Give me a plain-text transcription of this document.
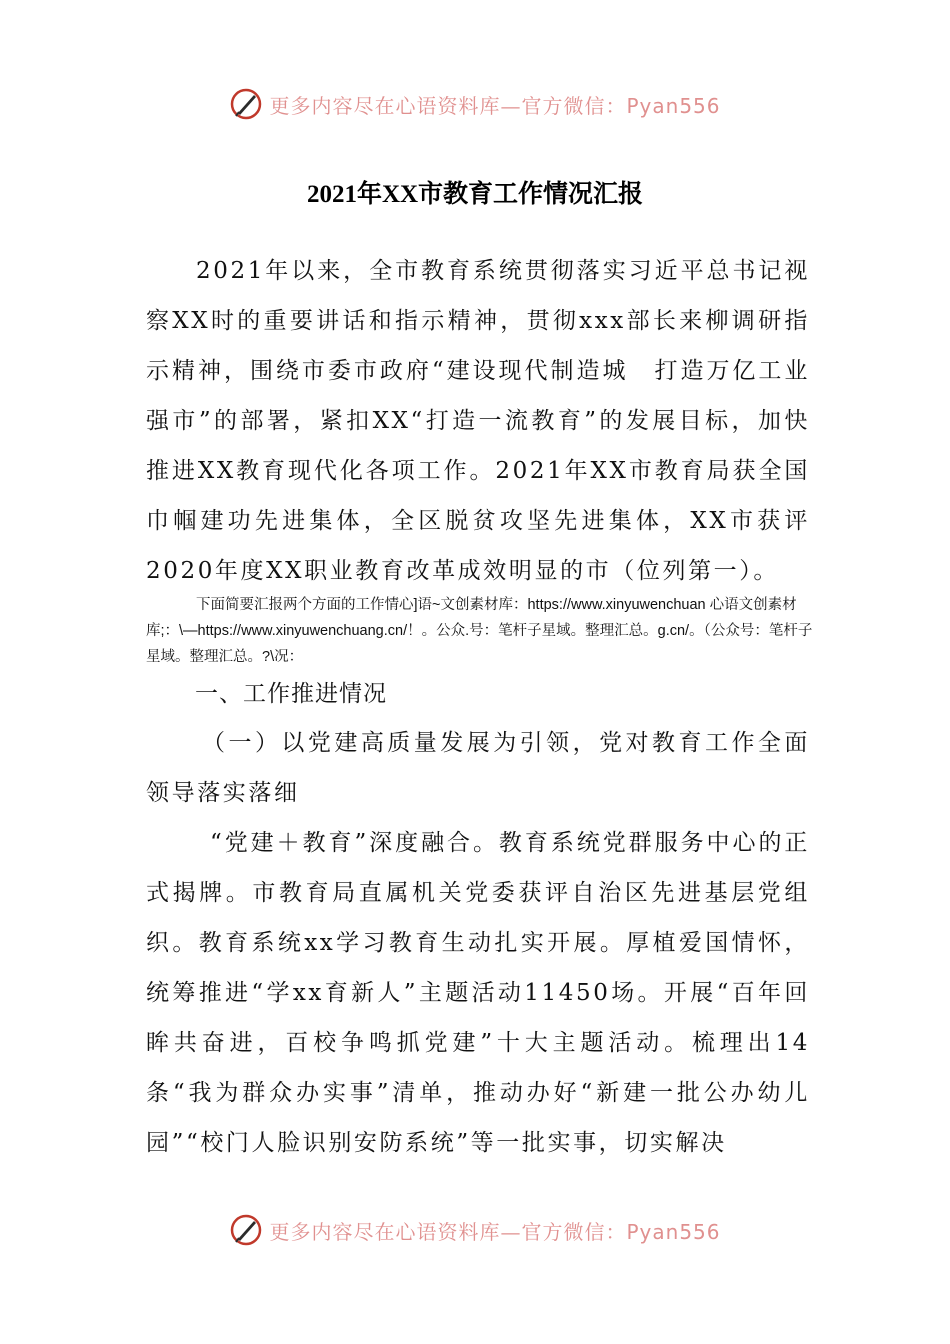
更多内容尽在心语资料库—官方微信：Pyan556
2021年XX市教育工作情况汇报
2021年以来，全市教育系统贯彻落实习近平总书记视察XX时的重要讲话和指示精神，贯彻xxx部长来柳调研指示精神，围绕市委市政府“建设现代制造城　打造万亿工业强市”的部署，紧扣XX“打造一流教育”的发展目标，加快推进XX教育现代化各项工作。2021年XX市教育局获全国巾帼建功先进集体，全区脱贫攻坚先进集体，XX市获评2020年度XX职业教育改革成效明显的市（位列第一）。
下面简要汇报两个方面的工作情心]语~文创素材库：https://www.xinyuwenchuan 心语文创素材库;：\—https://www.xinyuwenchuang.cn/！。公众.号：笔杆子星域。整理汇总。g.cn/。（公众号：笔杆子星域。整理汇总。?\况：
一、工作推进情况
（一）以党建高质量发展为引领，党对教育工作全面领导落实落细
“党建＋教育”深度融合。教育系统党群服务中心的正式揭牌。市教育局直属机关党委获评自治区先进基层党组织。教育系统xx学习教育生动扎实开展。厚植爱国情怀，统筹推进“学xx育新人”主题活动11450场。开展“百年回眸共奋进，百校争鸣抓党建”十大主题活动。梳理出14条“我为群众办实事”清单，推动办好“新建一批公办幼儿园”“校门人脸识别安防系统”等一批实事，切实解决
更多内容尽在心语资料库—官方微信：Pyan556
